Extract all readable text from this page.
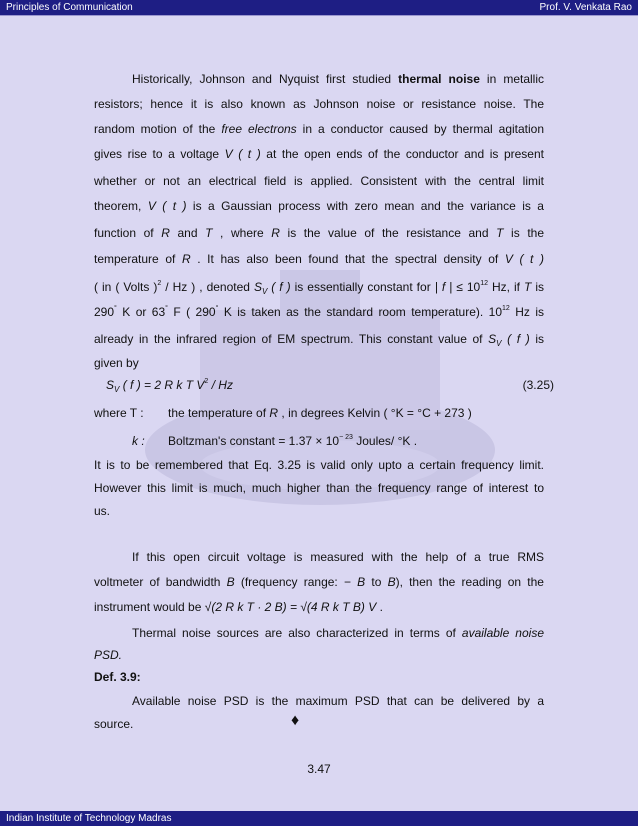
Principles of Communication	Prof. V. Venkata Rao
Historically, Johnson and Nyquist first studied thermal noise in metallic
resistors; hence it is also known as Johnson noise or resistance noise. The
random motion of the free electrons in a conductor caused by thermal agitation
gives rise to a voltage V ( t ) at the open ends of the conductor and is present
whether or not an electrical field is applied. Consistent with the central limit
theorem, V ( t ) is a Gaussian process with zero mean and the variance is a
function of R and T , where R is the value of the resistance and T is the
temperature of R . It has also been found that the spectral density of V ( t )
( in ( Volts )$^2$ / Hz ) , denoted $S_V$ ( f ) is essentially constant for | f | ≤ $10^{12}$ Hz, if T is
290° K or 63° F ( 290° K is taken as the standard room temperature). $10^{12}$ Hz is
already in the infrared region of EM spectrum. This constant value of $S_V$ ( f ) is
given by
$S_V$ ( f ) = 2 R k T $V^2$ / Hz	(3.25)
where T : the temperature of R , in degrees Kelvin ( °K = °C + 273 )
k : Boltzman's constant = $1.37 \times 10^{- 23}$ Joules/ °K .
It is to be remembered that Eq. 3.25 is valid only upto a certain frequency limit.
However this limit is much, much higher than the frequency range of interest to
us.
If this open circuit voltage is measured with the help of a true RMS
voltmeter of bandwidth B (frequency range: − B to B), then the reading on the
instrument would be √(2 R k T · 2 B) = √(4 R k T B) V .
Thermal noise sources are also characterized in terms of available noise
PSD.
Def. 3.9:
Available noise PSD is the maximum PSD that can be delivered by a
source.	♦
3.47
Indian Institute of Technology Madras
